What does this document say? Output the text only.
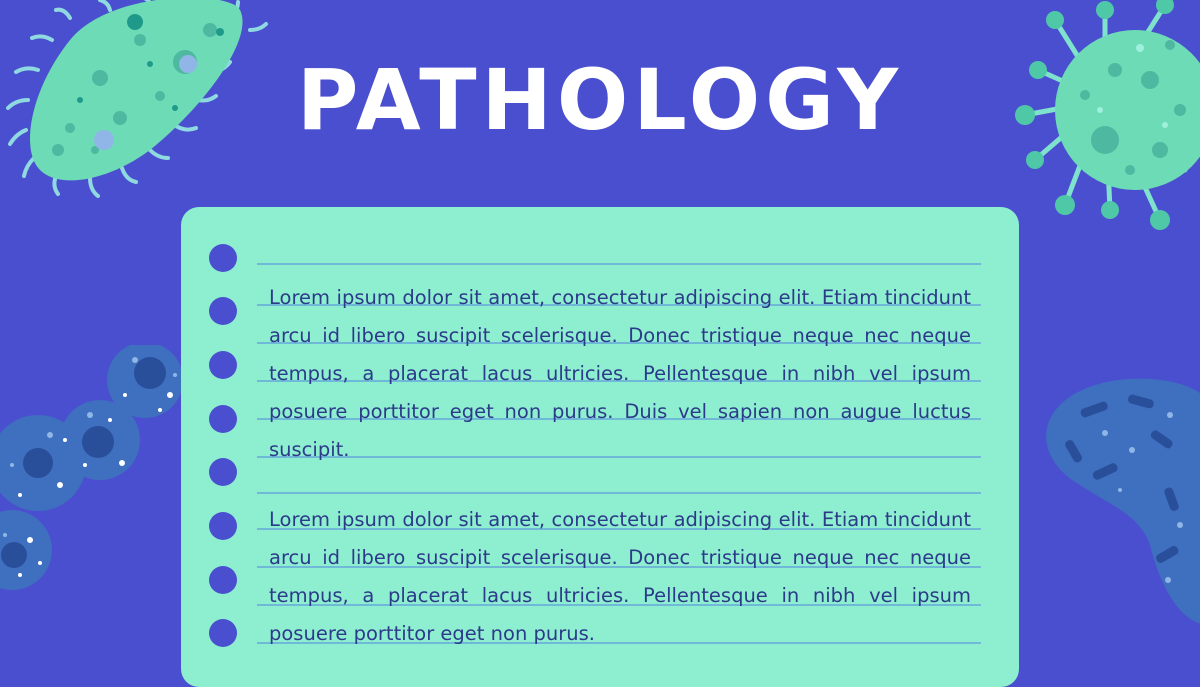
PATHOLOGY

Lorem ipsum dolor sit amet, consectetur adipiscing elit. Etiam tincidunt arcu id libero suscipit scelerisque. Donec tristique neque nec neque tempus, a placerat lacus ultricies. Pellentesque in nibh vel ipsum posuere porttitor eget non purus. Duis vel sapien non augue luctus suscipit.

Lorem ipsum dolor sit amet, consectetur adipiscing elit. Etiam tincidunt arcu id libero suscipit scelerisque. Donec tristique neque nec neque tempus, a placerat lacus ultricies. Pellentesque in nibh vel ipsum posuere porttitor eget non purus.
